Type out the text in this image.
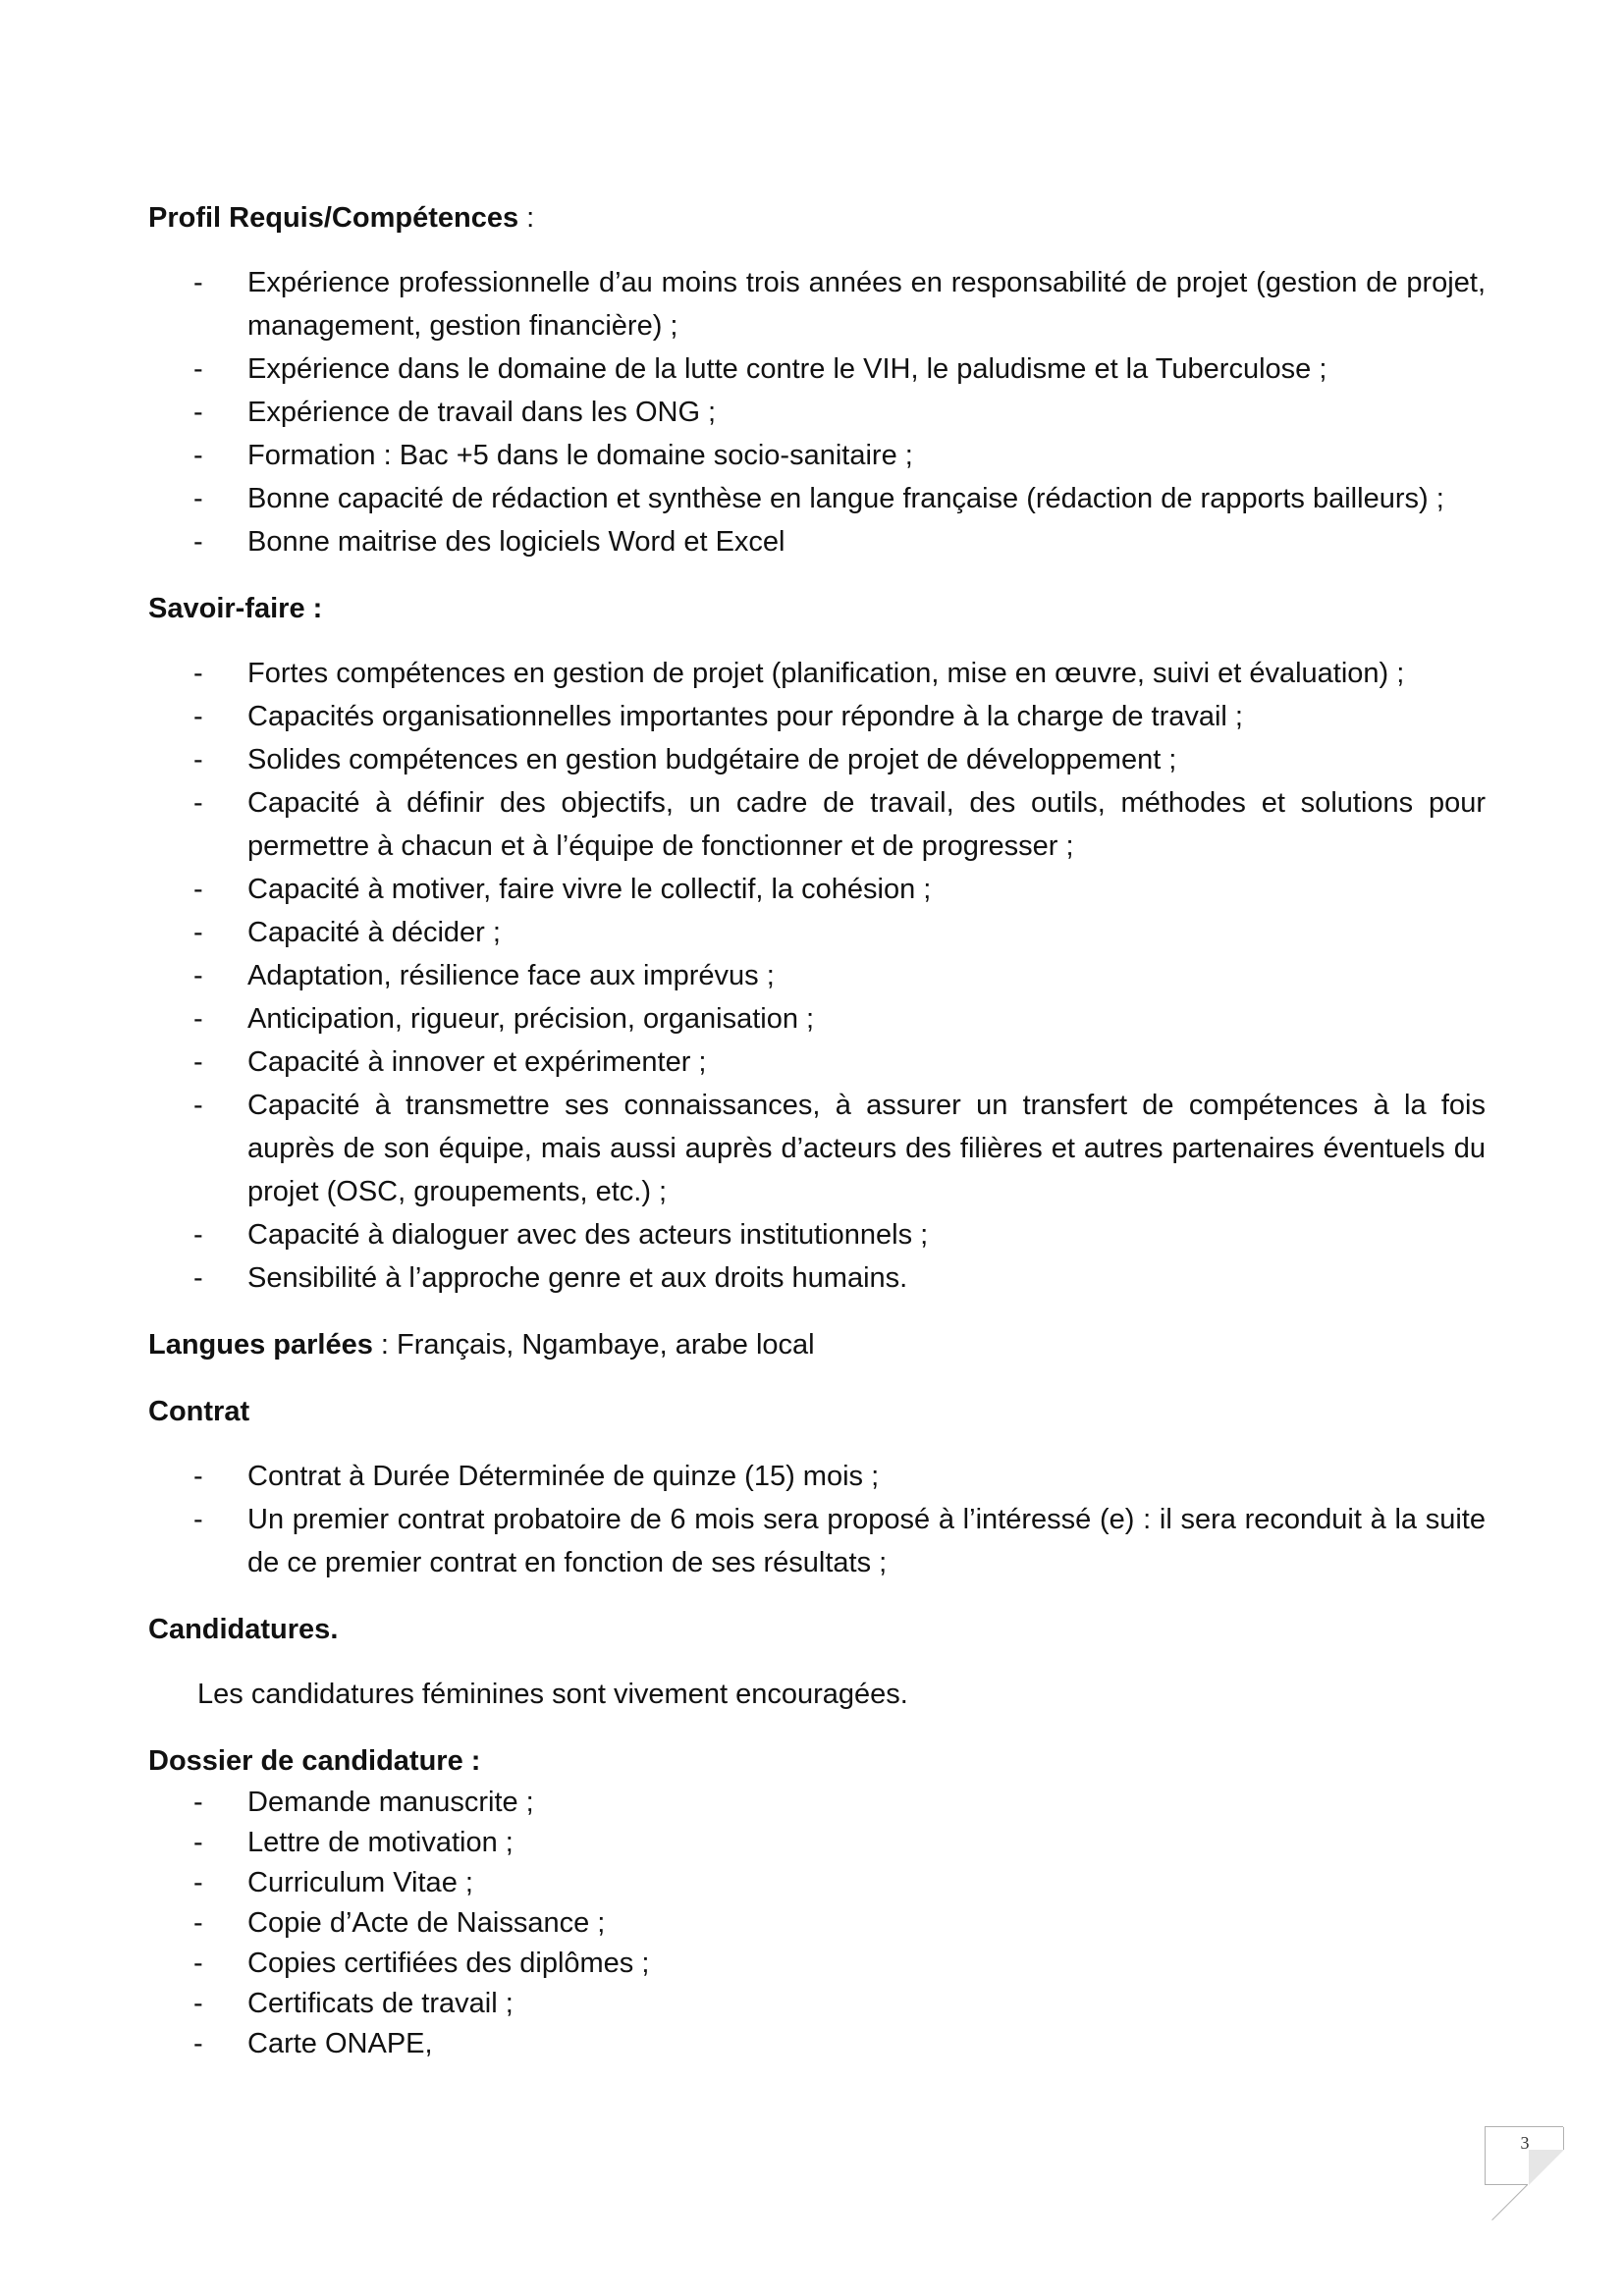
Profil Requis/Compétences :

- Expérience professionnelle d’au moins trois années en responsabilité de projet (gestion de projet, management, gestion financière) ;
- Expérience dans le domaine de la lutte contre le VIH, le paludisme et la Tuberculose ;
- Expérience de travail dans les ONG ;
- Formation : Bac +5 dans le domaine socio-sanitaire ;
- Bonne capacité de rédaction et synthèse en langue française (rédaction de rapports bailleurs) ;
- Bonne maitrise des logiciels Word et Excel

Savoir-faire :

- Fortes compétences en gestion de projet (planification, mise en œuvre, suivi et évaluation) ;
- Capacités organisationnelles importantes pour répondre à la charge de travail ;
- Solides compétences en gestion budgétaire de projet de développement ;
- Capacité à définir des objectifs, un cadre de travail, des outils, méthodes et solutions pour permettre à chacun et à l’équipe de fonctionner et de progresser ;
- Capacité à motiver, faire vivre le collectif, la cohésion ;
- Capacité à décider ;
- Adaptation, résilience face aux imprévus ;
- Anticipation, rigueur, précision, organisation ;
- Capacité à innover et expérimenter ;
- Capacité à transmettre ses connaissances, à assurer un transfert de compétences à la fois auprès de son équipe, mais aussi auprès d’acteurs des filières et autres partenaires éventuels du projet (OSC, groupements, etc.) ;
- Capacité à dialoguer avec des acteurs institutionnels ;
- Sensibilité à l’approche genre et aux droits humains.

Langues parlées : Français, Ngambaye, arabe local

Contrat

- Contrat à Durée Déterminée de quinze (15) mois ;
- Un premier contrat probatoire de 6 mois sera proposé à l’intéressé (e) : il sera reconduit à la suite de ce premier contrat en fonction de ses résultats ;

Candidatures.

Les candidatures féminines sont vivement encouragées.

Dossier de candidature :

- Demande manuscrite ;
- Lettre de motivation ;
- Curriculum Vitae ;
- Copie d’Acte de Naissance ;
- Copies certifiées des diplômes ;
- Certificats de travail ;
- Carte ONAPE,
3
